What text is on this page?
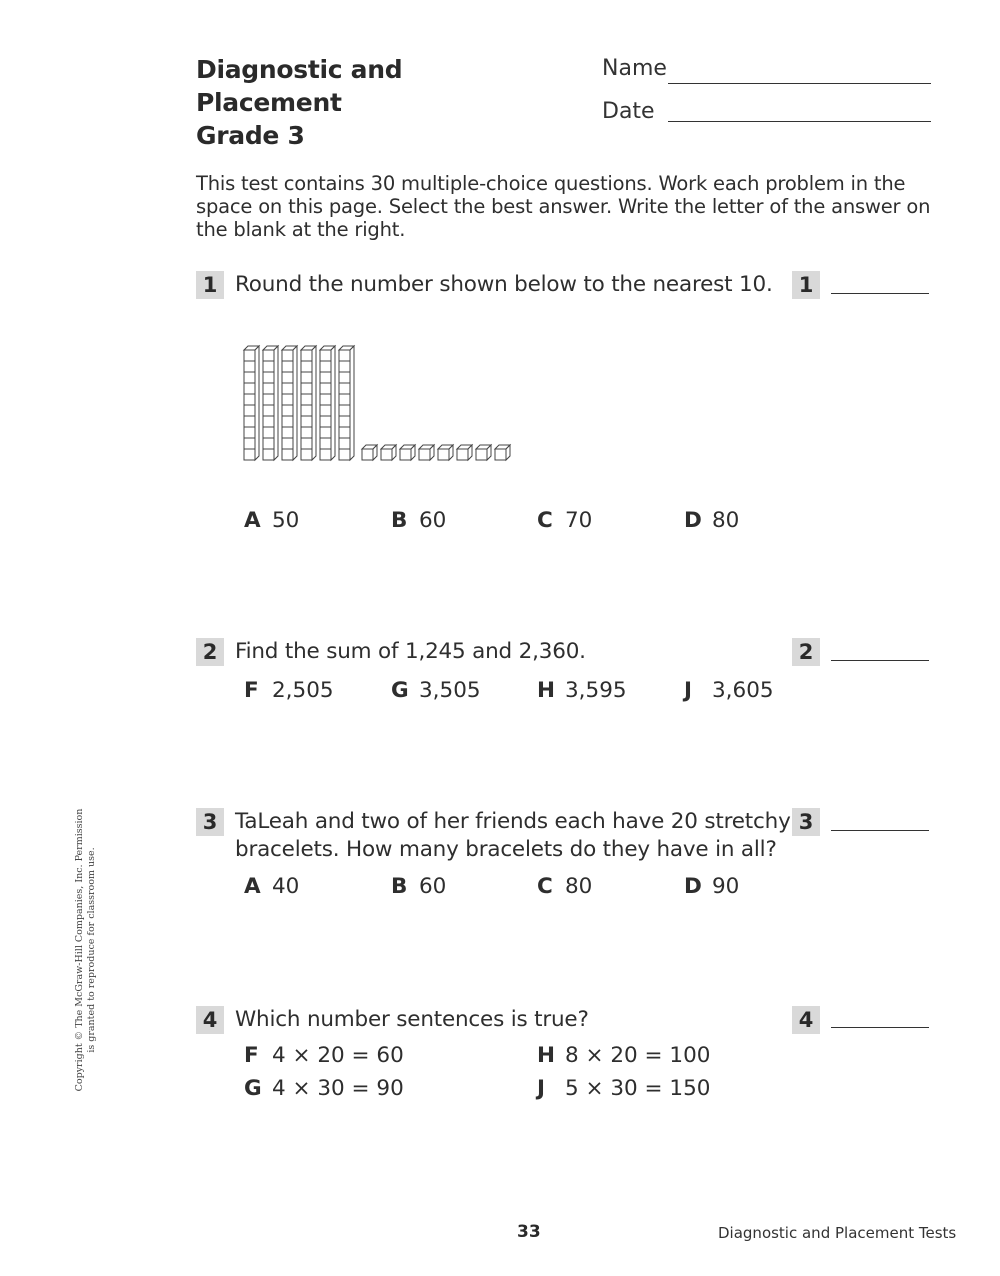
Diagnostic and
Placement
Grade 3
Name
Date
This test contains 30 multiple-choice questions. Work each problem in the space on this page. Select the best answer. Write the letter of the answer on the blank at the right.
1 Round the number shown below to the nearest 10.	1
A 50	B 60	C 70	D 80
2 Find the sum of 1,245 and 2,360.	2
F 2,505	G 3,505	H 3,595	J 3,605
3 TaLeah and two of her friends each have 20 stretchy
bracelets. How many bracelets do they have in all?
3
A 40	B 60	C 80	D 90
4 Which number sentences is true?	4
F 4 × 20 = 60	H 8 × 20 = 100
G 4 × 30 = 90	J 5 × 30 = 150
Copyright © The McGraw-Hill Companies, Inc. Permission is granted to reproduce for classroom use.
33	Diagnostic and Placement Tests
